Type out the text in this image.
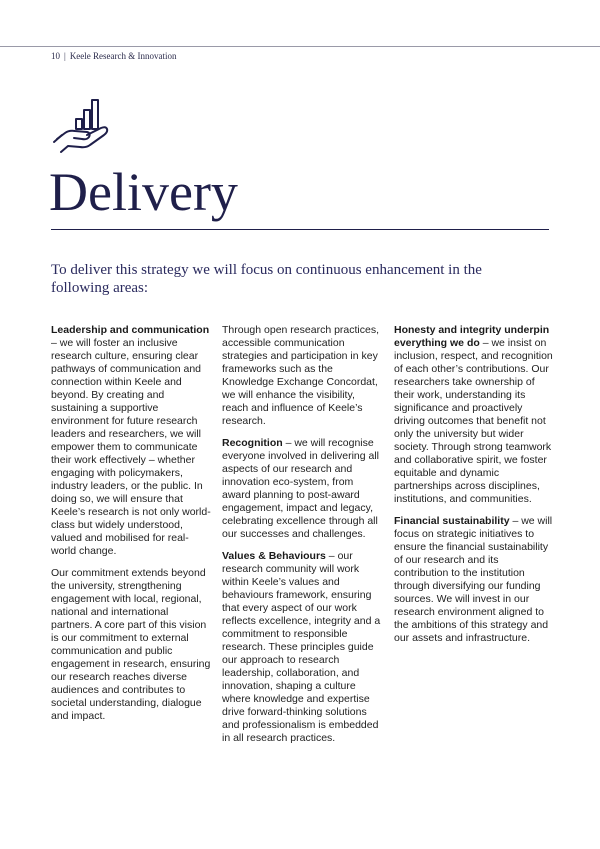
10 | Keele Research & Innovation
Delivery

To deliver this strategy we will focus on continuous enhancement in the following areas:

Leadership and communication – we will foster an inclusive research culture, ensuring clear pathways of communication and connection within Keele and beyond. By creating and sustaining a supportive environment for future research leaders and researchers, we will empower them to communicate their work effectively – whether engaging with policymakers, industry leaders, or the public. In doing so, we will ensure that Keele’s research is not only world-class but widely understood, valued and mobilised for real-world change.

Our commitment extends beyond the university, strengthening engagement with local, regional, national and international partners. A core part of this vision is our commitment to external communication and public engagement in research, ensuring our research reaches diverse audiences and contributes to societal understanding, dialogue and impact.

Through open research practices, accessible communication strategies and participation in key frameworks such as the Knowledge Exchange Concordat, we will enhance the visibility, reach and influence of Keele’s research.

Recognition – we will recognise everyone involved in delivering all aspects of our research and innovation eco-system, from award planning to post-award engagement, impact and legacy, celebrating excellence through all our successes and challenges.

Values & Behaviours – our research community will work within Keele’s values and behaviours framework, ensuring that every aspect of our work reflects excellence, integrity and a commitment to responsible research. These principles guide our approach to research leadership, collaboration, and innovation, shaping a culture where knowledge and expertise drive forward-thinking solutions and professionalism is embedded in all research practices.

Honesty and integrity underpin everything we do – we insist on inclusion, respect, and recognition of each other’s contributions. Our researchers take ownership of their work, understanding its significance and proactively driving outcomes that benefit not only the university but wider society. Through strong teamwork and collaborative spirit, we foster equitable and dynamic partnerships across disciplines, institutions, and communities.

Financial sustainability – we will focus on strategic initiatives to ensure the financial sustainability of our research and its contribution to the institution through diversifying our funding sources. We will invest in our research environment aligned to the ambitions of this strategy and our assets and infrastructure.
